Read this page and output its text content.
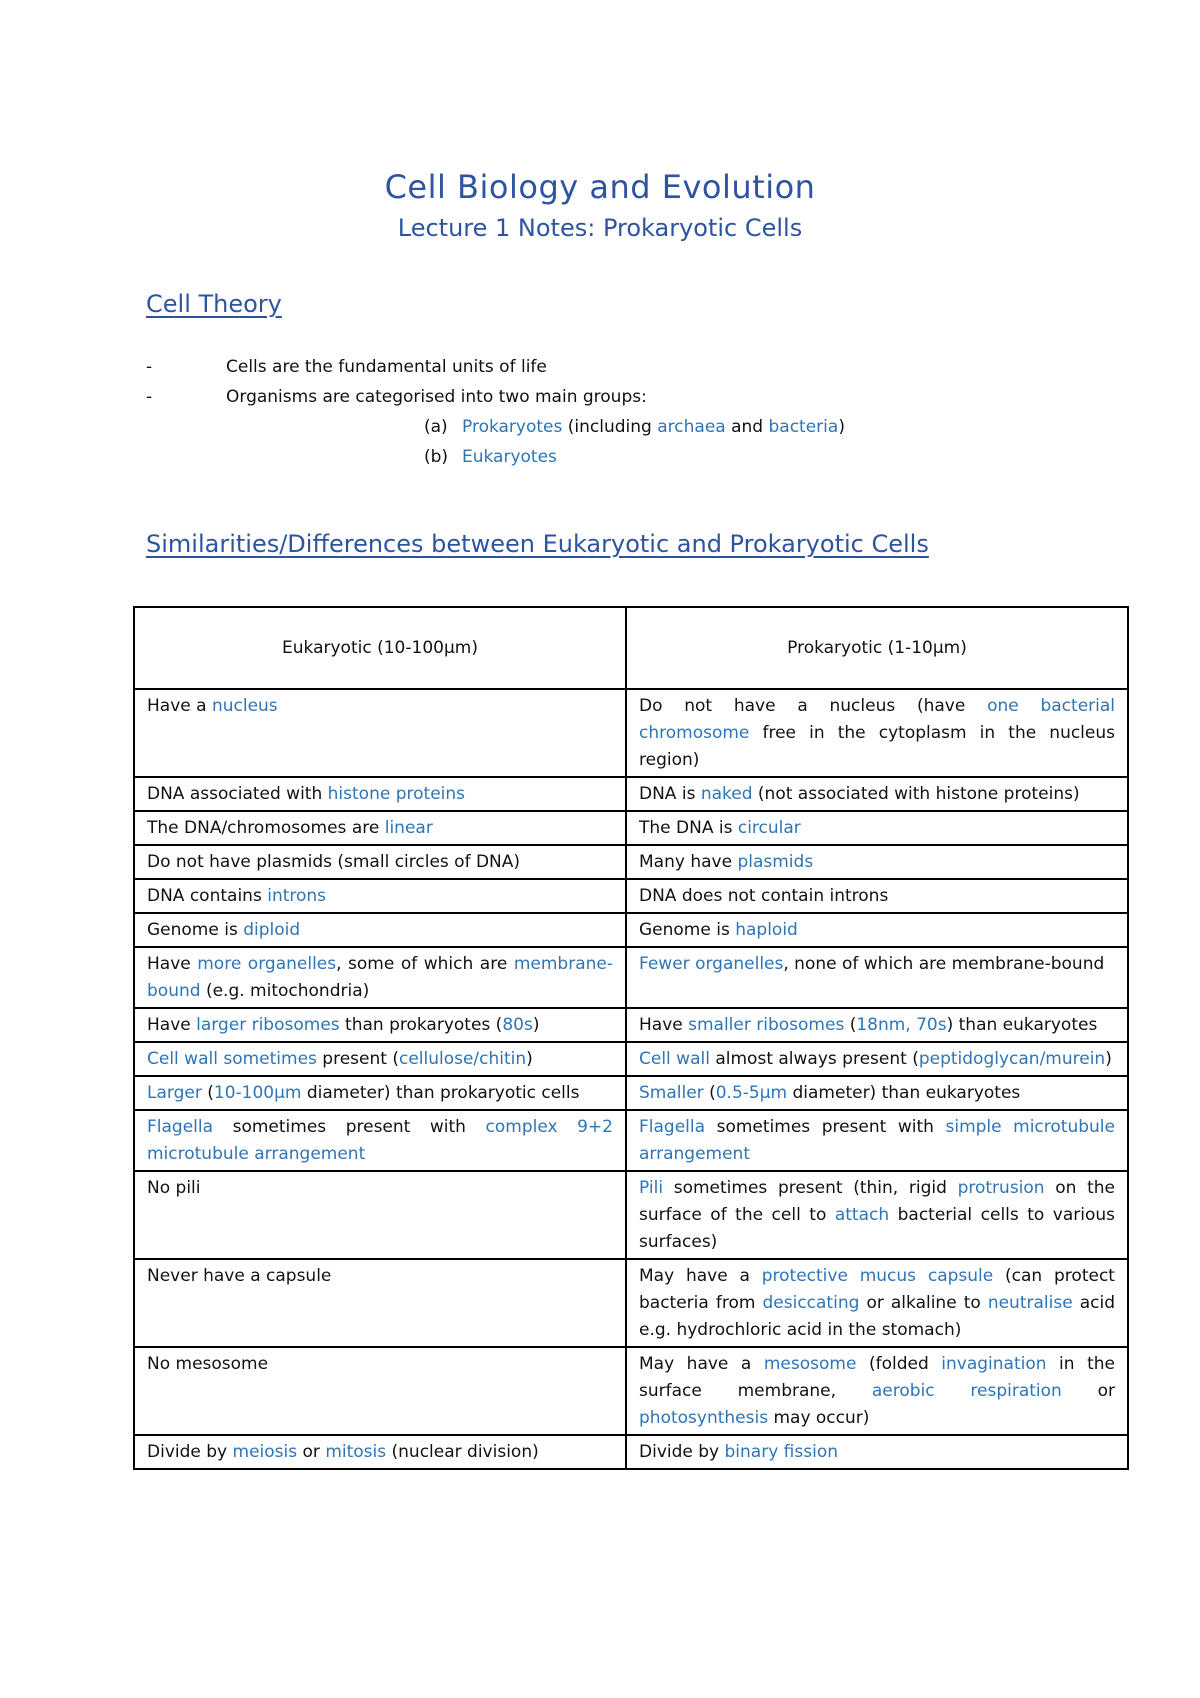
Cell Biology and Evolution
Lecture 1 Notes: Prokaryotic Cells
Cell Theory
-	Cells are the fundamental units of life
-	Organisms are categorised into two main groups:
(a) Prokaryotes (including archaea and bacteria)
(b) Eukaryotes
Similarities/Differences between Eukaryotic and Prokaryotic Cells
Eukaryotic (10-100µm)	Prokaryotic (1-10µm)
Have a nucleus	Do not have a nucleus (have one bacterial chromosome free in the cytoplasm in the nucleus region)
DNA associated with histone proteins	DNA is naked (not associated with histone proteins)
The DNA/chromosomes are linear	The DNA is circular
Do not have plasmids (small circles of DNA)	Many have plasmids
DNA contains introns	DNA does not contain introns
Genome is diploid	Genome is haploid
Have more organelles, some of which are membrane-bound (e.g. mitochondria)	Fewer organelles, none of which are membrane-bound
Have larger ribosomes than prokaryotes (80s)	Have smaller ribosomes (18nm, 70s) than eukaryotes
Cell wall sometimes present (cellulose/chitin)	Cell wall almost always present (peptidoglycan/murein)
Larger (10-100µm diameter) than prokaryotic cells	Smaller (0.5-5µm diameter) than eukaryotes
Flagella sometimes present with complex 9+2 microtubule arrangement	Flagella sometimes present with simple microtubule arrangement
No pili	Pili sometimes present (thin, rigid protrusion on the surface of the cell to attach bacterial cells to various surfaces)
Never have a capsule	May have a protective mucus capsule (can protect bacteria from desiccating or alkaline to neutralise acid e.g. hydrochloric acid in the stomach)
No mesosome	May have a mesosome (folded invagination in the surface membrane, aerobic respiration or photosynthesis may occur)
Divide by meiosis or mitosis (nuclear division)	Divide by binary fission
